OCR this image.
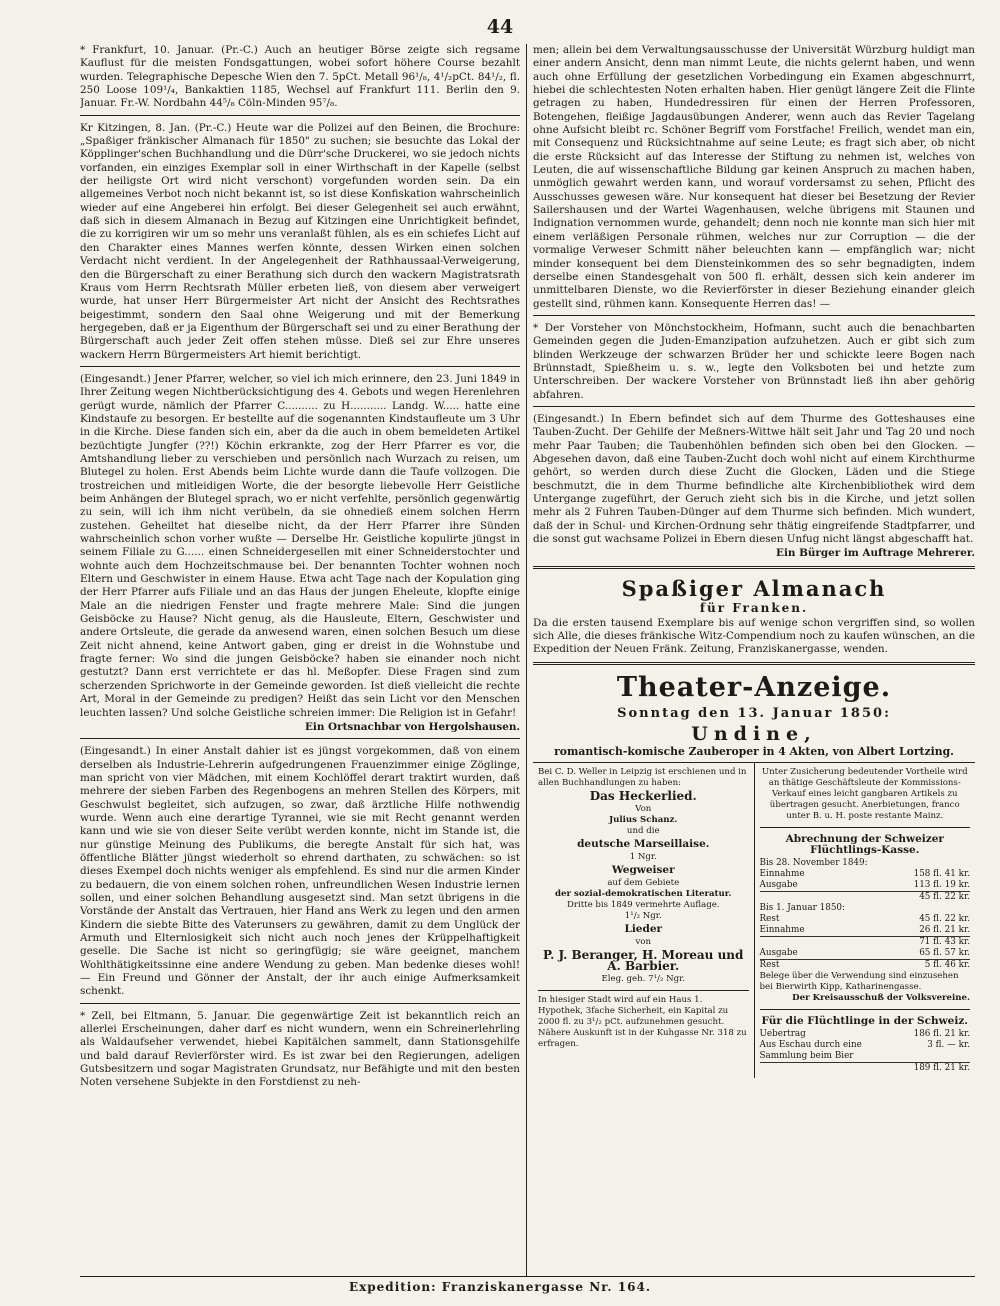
44

* Frankfurt, 10. Januar. (Pr.-C.) Auch an heutiger Börse zeigte sich regsame Kauflust für die meisten Fondsgattungen, wobei sofort höhere Course bezahlt wurden. Telegraphische Depesche Wien den 7. 5pCt. Metall 96¹/₈, 4¹/₂pCt. 84¹/₂, fl. 250 Loose 109¹/₄, Bankaktien 1185, Wechsel auf Frankfurt 111. Berlin den 9. Januar. Fr.-W. Nordbahn 44⁵/₈ Cöln-Minden 95⁷/₈.

Kr Kitzingen, 8. Jan. (Pr.-C.) Heute war die Polizei auf den Beinen, die Brochure: „Spaßiger fränkischer Almanach für 1850" zu suchen; sie besuchte das Lokal der Köpplinger'schen Buchhandlung und die Dürr'sche Druckerei, wo sie jedoch nichts vorfanden, ein einziges Exemplar soll in einer Wirthschaft in der Kapelle (selbst der heiligste Ort wird nicht verschont) vorgefunden worden sein. Da ein allgemeines Verbot noch nicht bekannt ist, so ist diese Konfiskation wahrscheinlich wieder auf eine Angeberei hin erfolgt. Bei dieser Gelegenheit sei auch erwähnt, daß sich in diesem Almanach in Bezug auf Kitzingen eine Unrichtigkeit befindet, die zu korrigiren wir um so mehr uns veranlaßt fühlen, als es ein schiefes Licht auf den Charakter eines Mannes werfen könnte, dessen Wirken einen solchen Verdacht nicht verdient. In der Angelegenheit der Rathhaussaal-Verweigerung, den die Bürgerschaft zu einer Berathung sich durch den wackern Magistratsrath Kraus vom Herrn Rechtsrath Müller erbeten ließ, von diesem aber verweigert wurde, hat unser Herr Bürgermeister Art nicht der Ansicht des Rechtsrathes beigestimmt, sondern den Saal ohne Weigerung und mit der Bemerkung hergegeben, daß er ja Eigenthum der Bürgerschaft sei und zu einer Berathung der Bürgerschaft auch jeder Zeit offen stehen müsse. Dieß sei zur Ehre unseres wackern Herrn Bürgermeisters Art hiemit berichtigt.

(Eingesandt.) Jener Pfarrer, welcher, so viel ich mich erinnere, den 23. Juni 1849 in Ihrer Zeitung wegen Nichtberücksichtigung des 4. Gebots und wegen Herenlehren gerügt wurde, nämlich der Pfarrer C.......... zu H........... Landg. W..... hatte eine Kindstaufe zu besorgen. Er bestellte auf die sogenannten Kindstaufleute um 3 Uhr in die Kirche. Diese fanden sich ein, aber da die auch in obem bemeldeten Artikel bezüchtigte Jungfer (??!) Köchin erkrankte, zog der Herr Pfarrer es vor, die Amtshandlung lieber zu verschieben und persönlich nach Wurzach zu reisen, um Blutegel zu holen. Erst Abends beim Lichte wurde dann die Taufe vollzogen. Die trostreichen und mitleidigen Worte, die der besorgte liebevolle Herr Geistliche beim Anhängen der Blutegel sprach, wo er nicht verfehlte, persönlich gegenwärtig zu sein, will ich ihm nicht verübeln, da sie ohnedieß einem solchen Herrn zustehen. Geheiltet hat dieselbe nicht, da der Herr Pfarrer ihre Sünden wahrscheinlich schon vorher wußte — Derselbe Hr. Geistliche kopulirte jüngst in seinem Filiale zu G...... einen Schneidergesellen mit einer Schneiderstochter und wohnte auch dem Hochzeitschmause bei. Der benannten Tochter wohnen noch Eltern und Geschwister in einem Hause. Etwa acht Tage nach der Kopulation ging der Herr Pfarrer aufs Filiale und an das Haus der jungen Eheleute, klopfte einige Male an die niedrigen Fenster und fragte mehrere Male: Sind die jungen Geisböcke zu Hause? Nicht genug, als die Hausleute, Eltern, Geschwister und andere Ortsleute, die gerade da anwesend waren, einen solchen Besuch um diese Zeit nicht ahnend, keine Antwort gaben, ging er dreist in die Wohnstube und fragte ferner: Wo sind die jungen Geisböcke? haben sie einander noch nicht gestutzt? Dann erst verrichtete er das hl. Meßopfer. Diese Fragen sind zum scherzenden Sprichworte in der Gemeinde geworden. Ist dieß vielleicht die rechte Art, Moral in der Gemeinde zu predigen? Heißt das sein Licht vor den Menschen leuchten lassen? Und solche Geistliche schreien immer: Die Religion ist in Gefahr!

Ein Ortsnachbar von Hergolshausen.

(Eingesandt.) In einer Anstalt dahier ist es jüngst vorgekommen, daß von einem derselben als Industrie-Lehrerin aufgedrungenen Frauenzimmer einige Zöglinge, man spricht von vier Mädchen, mit einem Kochlöffel derart traktirt wurden, daß mehrere der sieben Farben des Regenbogens an mehren Stellen des Körpers, mit Geschwulst begleitet, sich aufzugen, so zwar, daß ärztliche Hilfe nothwendig wurde. Wenn auch eine derartige Tyrannei, wie sie mit Recht genannt werden kann und wie sie von dieser Seite verübt werden konnte, nicht im Stande ist, die nur günstige Meinung des Publikums, die beregte Anstalt für sich hat, was öffentliche Blätter jüngst wiederholt so ehrend darthaten, zu schwächen: so ist dieses Exempel doch nichts weniger als empfehlend. Es sind nur die armen Kinder zu bedauern, die von einem solchen rohen, unfreundlichen Wesen Industrie lernen sollen, und einer solchen Behandlung ausgesetzt sind. Man setzt übrigens in die Vorstände der Anstalt das Vertrauen, hier Hand ans Werk zu legen und den armen Kindern die siebte Bitte des Vaterunsers zu gewähren, damit zu dem Unglück der Armuth und Elternlosigkeit sich nicht auch noch jenes der Krüppelhaftigkeit geselle. Die Sache ist nicht so geringfügig; sie wäre geeignet, manchem Wohlthätigkeitssinne eine andere Wendung zu geben. Man bedenke dieses wohl! — Ein Freund und Gönner der Anstalt, der ihr auch einige Aufmerksamkeit schenkt.

* Zell, bei Eltmann, 5. Januar. Die gegenwärtige Zeit ist bekanntlich reich an allerlei Erscheinungen, daher darf es nicht wundern, wenn ein Schreinerlehrling als Waldaufseher verwendet, hiebei Kapitälchen sammelt, dann Stationsgehilfe und bald darauf Revierförster wird. Es ist zwar bei den Regierungen, adeligen Gutsbesitzern und sogar Magistraten Grundsatz, nur Befähigte und mit den besten Noten versehene Subjekte in den Forstdienst zu neh-

men; allein bei dem Verwaltungsausschusse der Universität Würzburg huldigt man einer andern Ansicht, denn man nimmt Leute, die nichts gelernt haben, und wenn auch ohne Erfüllung der gesetzlichen Vorbedingung ein Examen abgeschnurrt, hiebei die schlechtesten Noten erhalten haben. Hier genügt längere Zeit die Flinte getragen zu haben, Hundedressiren für einen der Herren Professoren, Botengehen, fleißige Jagdausübungen Anderer, wenn auch das Revier Tagelang ohne Aufsicht bleibt rc. Schöner Begriff vom Forstfache! Freilich, wendet man ein, mit Consequenz und Rücksichtnahme auf seine Leute; es fragt sich aber, ob nicht die erste Rücksicht auf das Interesse der Stiftung zu nehmen ist, welches von Leuten, die auf wissenschaftliche Bildung gar keinen Anspruch zu machen haben, unmöglich gewahrt werden kann, und worauf vordersamst zu sehen, Pflicht des Ausschusses gewesen wäre. Nur konsequent hat dieser bei Besetzung der Revier Sailershausen und der Wartei Wagenhausen, welche übrigens mit Staunen und Indignation vernommen wurde, gehandelt; denn noch nie konnte man sich hier mit einem verläßigen Personale rühmen, welches nur zur Corruption — die der vormalige Verweser Schmitt näher beleuchten kann — empfänglich war; nicht minder konsequent bei dem Diensteinkommen des so sehr begnadigten, indem derselbe einen Standesgehalt von 500 fl. erhält, dessen sich kein anderer im unmittelbaren Dienste, wo die Revierförster in dieser Beziehung einander gleich gestellt sind, rühmen kann. Konsequente Herren das! —

* Der Vorsteher von Mönchstockheim, Hofmann, sucht auch die benachbarten Gemeinden gegen die Juden-Emanzipation aufzuhetzen. Auch er gibt sich zum blinden Werkzeuge der schwarzen Brüder her und schickte leere Bogen nach Brünnstadt, Spießheim u. s. w., legte den Volksboten bei und hetzte zum Unterschreiben. Der wackere Vorsteher von Brünnstadt ließ ihn aber gehörig abfahren.

(Eingesandt.) In Ebern befindet sich auf dem Thurme des Gotteshauses eine Tauben-Zucht. Der Gehilfe der Meßners-Wittwe hält seit Jahr und Tag 20 und noch mehr Paar Tauben; die Taubenhöhlen befinden sich oben bei den Glocken. — Abgesehen davon, daß eine Tauben-Zucht doch wohl nicht auf einem Kirchthurme gehört, so werden durch diese Zucht die Glocken, Läden und die Stiege beschmutzt, die in dem Thurme befindliche alte Kirchenbibliothek wird dem Untergange zugeführt, der Geruch zieht sich bis in die Kirche, und jetzt sollen mehr als 2 Fuhren Tauben-Dünger auf dem Thurme sich befinden. Mich wundert, daß der in Schul- und Kirchen-Ordnung sehr thätig eingreifende Stadtpfarrer, und die sonst gut wachsame Polizei in Ebern diesen Unfug nicht längst abgeschafft hat.

Ein Bürger im Auftrage Mehrerer.
Spaßiger Almanach
für Franken.
Da die ersten tausend Exemplare bis auf wenige schon vergriffen sind, so wollen sich Alle, die dieses fränkische Witz-Compendium noch zu kaufen wünschen, an die Expedition der Neuen Fränk. Zeitung, Franziskanergasse, wenden.
Theater-Anzeige.
Sonntag den 13. Januar 1850:
Undine,
romantisch-komische Zauberoper in 4 Akten, von Albert Lortzing.
Bei C. D. Weller in Leipzig ist erschienen und in allen Buchhandlungen zu haben:
Das Heckerlied.
Von
Julius Schanz.
und die
deutsche Marseillaise.
1 Ngr.
Wegweiser
auf dem Gebiete
der sozial-demokratischen Literatur.
Dritte bis 1849 vermehrte Auflage.
1¹/₂ Ngr.
Lieder
von
P. J. Beranger, H. Moreau und A. Barbier.
Eleg. geh. 7¹/₂ Ngr.
In hiesiger Stadt wird auf ein Haus 1. Hypothek, 3fache Sicherheit, ein Kapital zu 2000 fl. zu 3¹/₂ pCt. aufzunehmen gesucht. Nähere Auskunft ist in der Kuhgasse Nr. 318 zu erfragen.
Unter Zusicherung bedeutender Vortheile wird an thätige Geschäftsleute der Kommissions-Verkauf eines leicht gangbaren Artikels zu übertragen gesucht. Anerbietungen, franco unter B. u. H. poste restante Mainz.
Abrechnung der Schweizer Flüchtlings-Kasse.
Bis 28. November 1849:
Einnahme	158 fl. 41 kr.
Ausgabe	113 fl. 19 kr.
45 fl. 22 kr.
Bis 1. Januar 1850:
Rest	45 fl. 22 kr.
Einnahme	26 fl. 21 kr.
71 fl. 43 kr.
Ausgabe	65 fl. 57 kr.
Rest	5 fl. 46 kr.
Belege über die Verwendung sind einzusehen bei Bierwirth Kipp, Katharinengasse.
Der Kreisausschuß der Volksvereine.
Für die Flüchtlinge in der Schweiz.
Uebertrag	186 fl. 21 kr.
Aus Eschau durch eine Sammlung beim Bier
3 fl. — kr.
189 fl. 21 kr.
Expedition: Franziskanergasse Nr. 164.
